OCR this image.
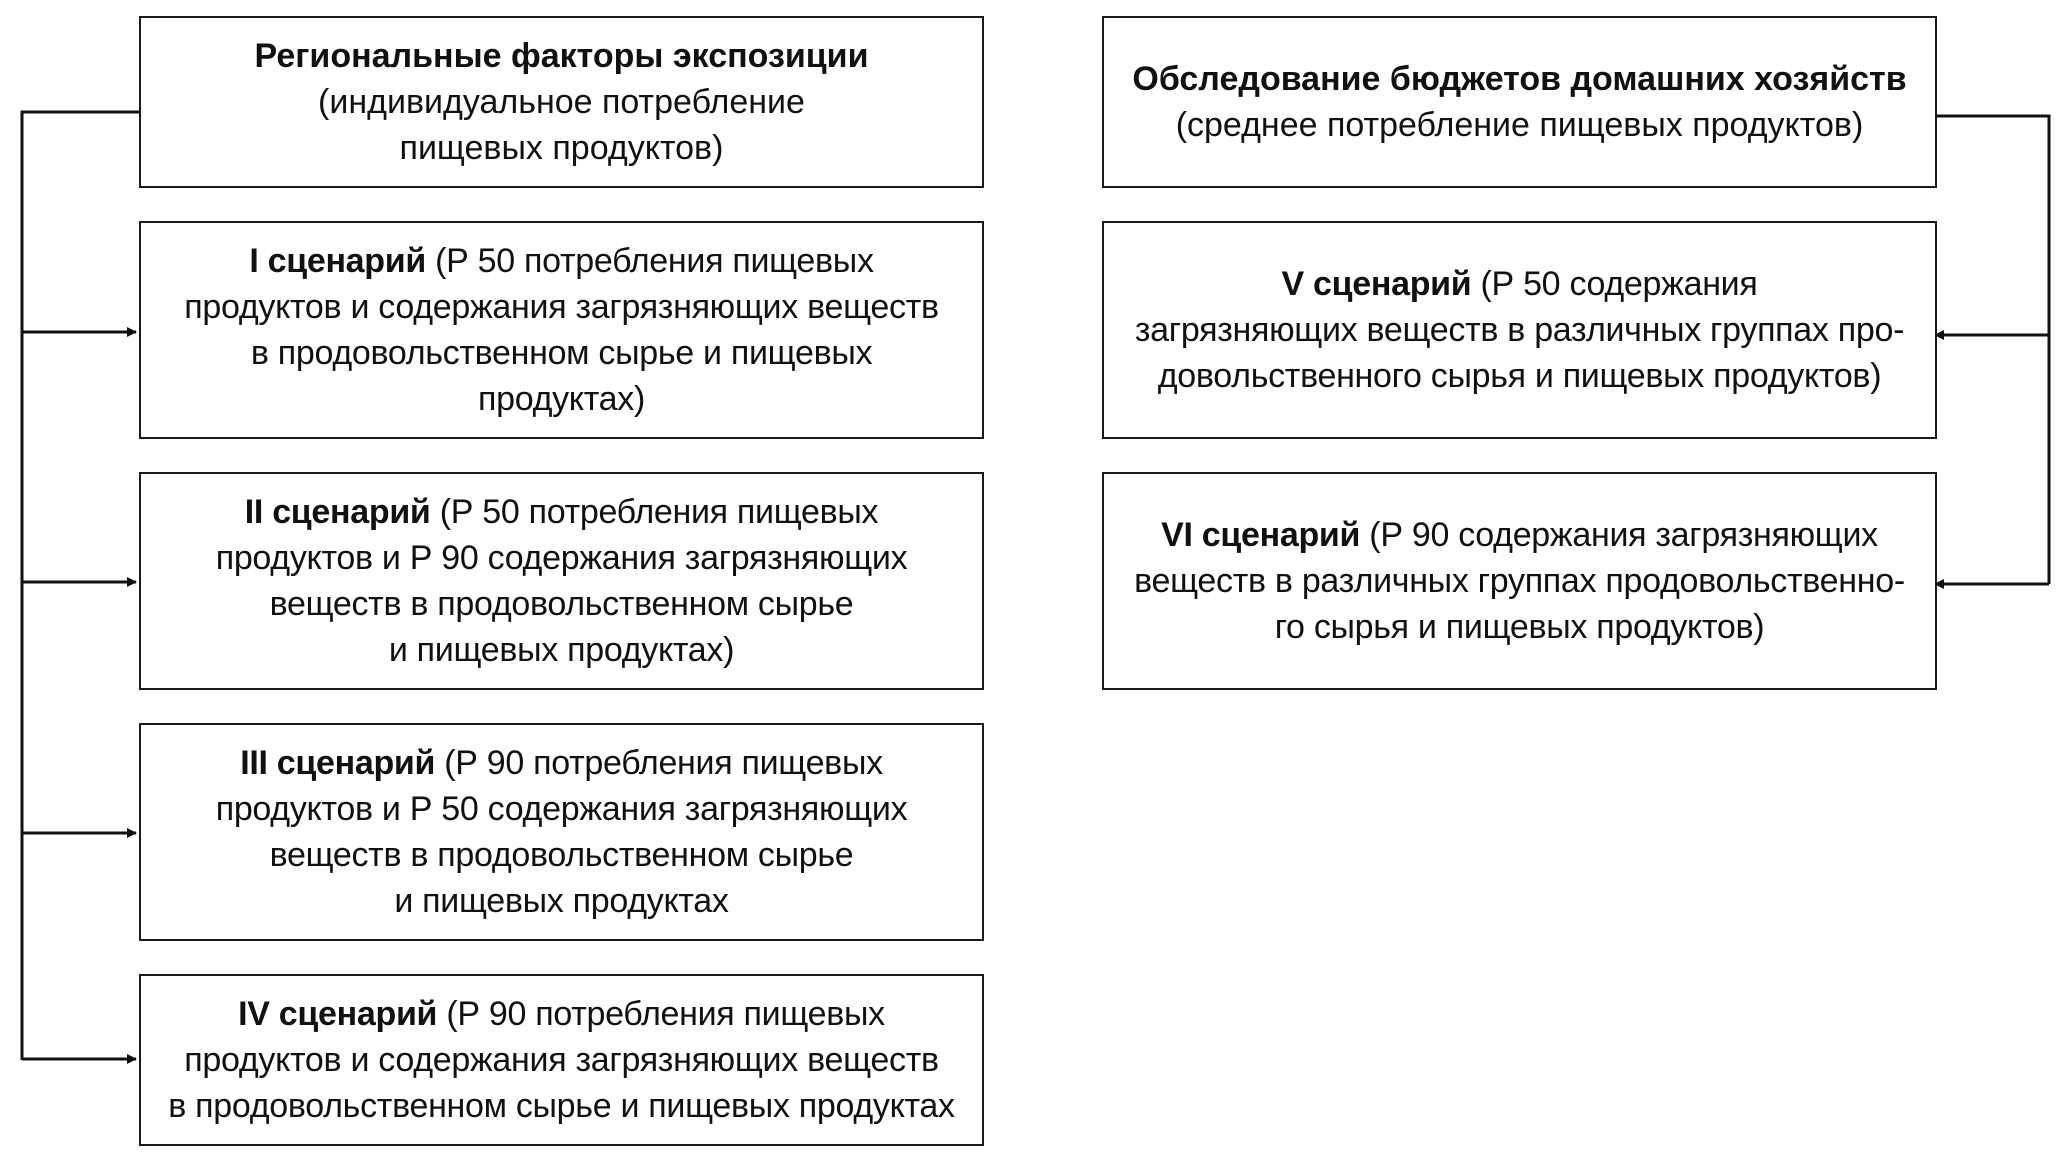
Региональные факторы экспозиции
(индивидуальное потребление
пищевых продуктов)
I сценарий (Р 50 потребления пищевых
продуктов и содержания загрязняющих веществ
в продовольственном сырье и пищевых
продуктах)
II сценарий (Р 50 потребления пищевых
продуктов и Р 90 содержания загрязняющих
веществ в продовольственном сырье
и пищевых продуктах)
III сценарий (Р 90 потребления пищевых
продуктов и Р 50 содержания загрязняющих
веществ в продовольственном сырье
и пищевых продуктах
IV сценарий (Р 90 потребления пищевых
продуктов и содержания загрязняющих веществ
в продовольственном сырье и пищевых продуктах
Обследование бюджетов домашних хозяйств
(среднее потребление пищевых продуктов)
V сценарий (Р 50 содержания
загрязняющих веществ в различных группах про-
довольственного сырья и пищевых продуктов)
VI сценарий (Р 90 содержания загрязняющих
веществ в различных группах продовольственно-
го сырья и пищевых продуктов)
